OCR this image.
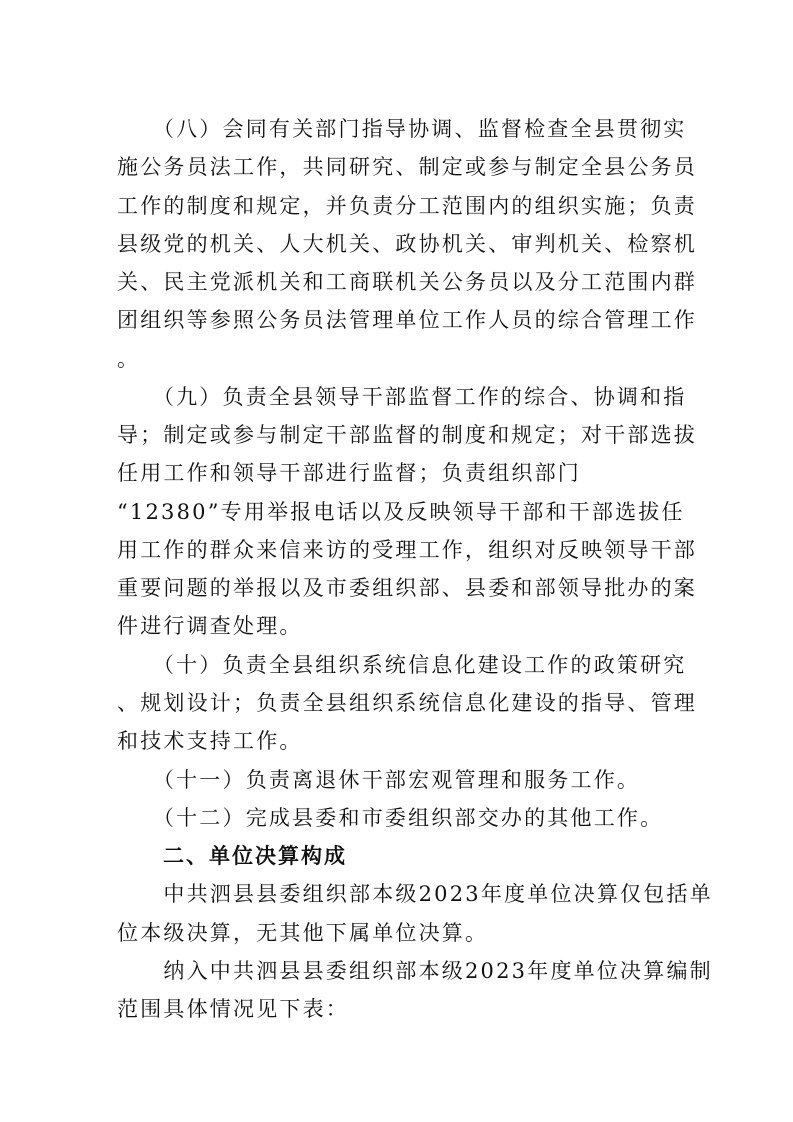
　　（八）会同有关部门指导协调、监督检查全县贯彻实
施公务员法工作，共同研究、制定或参与制定全县公务员
工作的制度和规定，并负责分工范围内的组织实施；负责
县级党的机关、人大机关、政协机关、审判机关、检察机
关、民主党派机关和工商联机关公务员以及分工范围内群
团组织等参照公务员法管理单位工作人员的综合管理工作
。
　　（九）负责全县领导干部监督工作的综合、协调和指
导；制定或参与制定干部监督的制度和规定；对干部选拔
任用工作和领导干部进行监督；负责组织部门
“12380”专用举报电话以及反映领导干部和干部选拔任
用工作的群众来信来访的受理工作，组织对反映领导干部
重要问题的举报以及市委组织部、县委和部领导批办的案
件进行调查处理。
　　（十）负责全县组织系统信息化建设工作的政策研究
、规划设计；负责全县组织系统信息化建设的指导、管理
和技术支持工作。
　　（十一）负责离退休干部宏观管理和服务工作。
　　（十二）完成县委和市委组织部交办的其他工作。
　　二、单位决算构成
　　中共泗县县委组织部本级2023年度单位决算仅包括单
位本级决算，无其他下属单位决算。
　　纳入中共泗县县委组织部本级2023年度单位决算编制
范围具体情况见下表：
